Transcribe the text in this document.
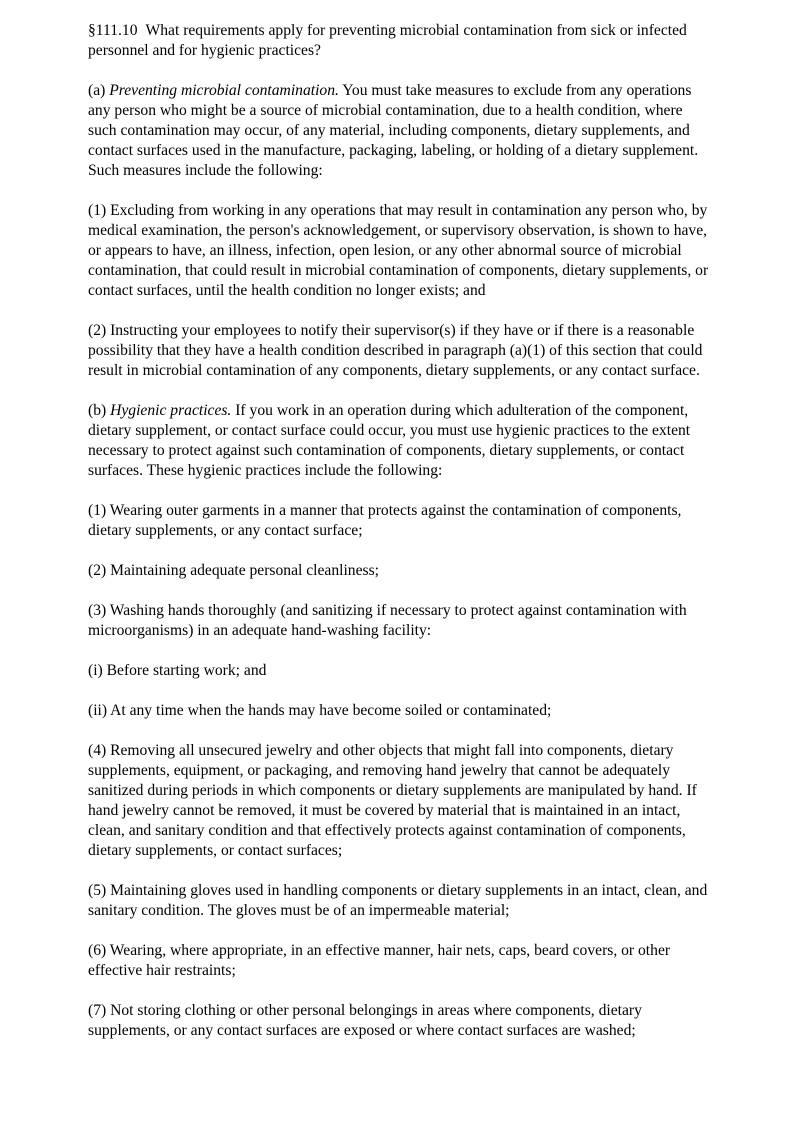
§111.10 What requirements apply for preventing microbial contamination from sick or infected personnel and for hygienic practices?

(a) Preventing microbial contamination. You must take measures to exclude from any operations any person who might be a source of microbial contamination, due to a health condition, where such contamination may occur, of any material, including components, dietary supplements, and contact surfaces used in the manufacture, packaging, labeling, or holding of a dietary supplement. Such measures include the following:

(1) Excluding from working in any operations that may result in contamination any person who, by medical examination, the person's acknowledgement, or supervisory observation, is shown to have, or appears to have, an illness, infection, open lesion, or any other abnormal source of microbial contamination, that could result in microbial contamination of components, dietary supplements, or contact surfaces, until the health condition no longer exists; and

(2) Instructing your employees to notify their supervisor(s) if they have or if there is a reasonable possibility that they have a health condition described in paragraph (a)(1) of this section that could result in microbial contamination of any components, dietary supplements, or any contact surface.

(b) Hygienic practices. If you work in an operation during which adulteration of the component, dietary supplement, or contact surface could occur, you must use hygienic practices to the extent necessary to protect against such contamination of components, dietary supplements, or contact surfaces. These hygienic practices include the following:

(1) Wearing outer garments in a manner that protects against the contamination of components, dietary supplements, or any contact surface;

(2) Maintaining adequate personal cleanliness;

(3) Washing hands thoroughly (and sanitizing if necessary to protect against contamination with microorganisms) in an adequate hand-washing facility:

(i) Before starting work; and

(ii) At any time when the hands may have become soiled or contaminated;

(4) Removing all unsecured jewelry and other objects that might fall into components, dietary supplements, equipment, or packaging, and removing hand jewelry that cannot be adequately sanitized during periods in which components or dietary supplements are manipulated by hand. If hand jewelry cannot be removed, it must be covered by material that is maintained in an intact, clean, and sanitary condition and that effectively protects against contamination of components, dietary supplements, or contact surfaces;

(5) Maintaining gloves used in handling components or dietary supplements in an intact, clean, and sanitary condition. The gloves must be of an impermeable material;

(6) Wearing, where appropriate, in an effective manner, hair nets, caps, beard covers, or other effective hair restraints;

(7) Not storing clothing or other personal belongings in areas where components, dietary supplements, or any contact surfaces are exposed or where contact surfaces are washed;
